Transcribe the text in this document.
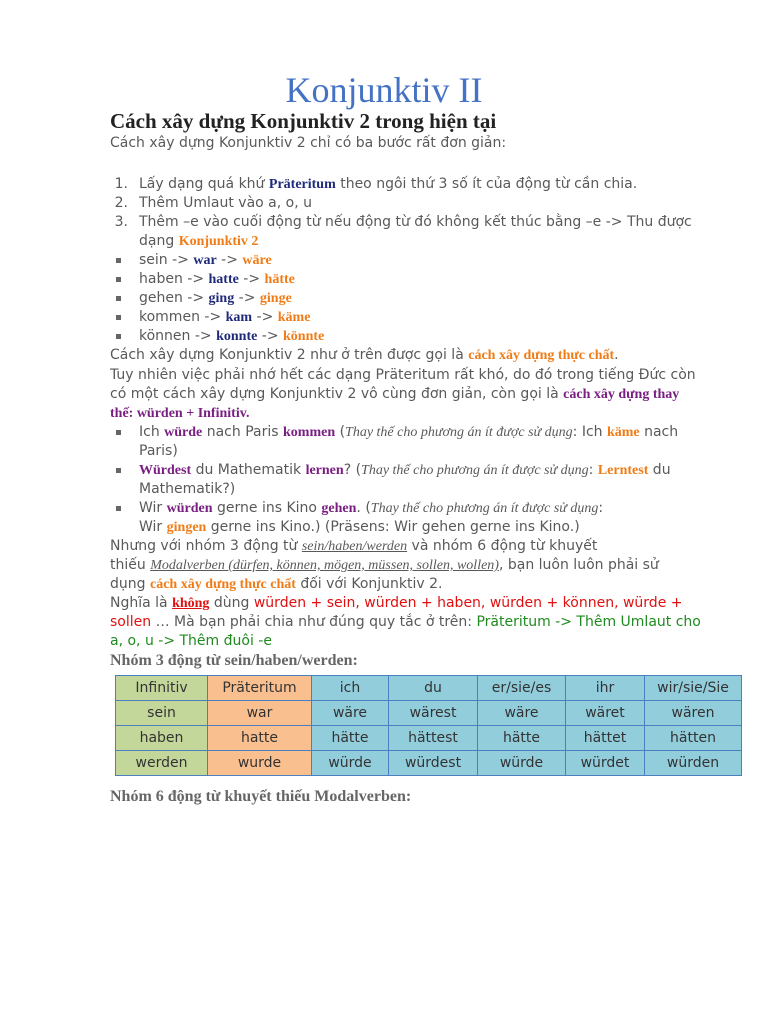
Konjunktiv II
Cách xây dựng Konjunktiv 2 trong hiện tại
Cách xây dựng Konjunktiv 2 chỉ có ba bước rất đơn giản:
1. Lấy dạng quá khứ Präteritum theo ngôi thứ 3 số ít của động từ cần chia.
2. Thêm Umlaut vào a, o, u
3. Thêm –e vào cuối động từ nếu động từ đó không kết thúc bằng –e -> Thu được
dạng Konjunktiv 2
sein -> war -> wäre
haben -> hatte -> hätte
gehen -> ging -> ginge
kommen -> kam -> käme
können -> konnte -> könnte
Cách xây dựng Konjunktiv 2 như ở trên được gọi là cách xây dựng thực chất.
Tuy nhiên việc phải nhớ hết các dạng Präteritum rất khó, do đó trong tiếng Đức còn
có một cách xây dựng Konjunktiv 2 vô cùng đơn giản, còn gọi là cách xây dựng thay
thế: würden + Infinitiv.
Ich würde nach Paris kommen (Thay thế cho phương án ít được sử dụng: Ich käme nach
Paris)
Würdest du Mathematik lernen? (Thay thế cho phương án ít được sử dụng: Lerntest du
Mathematik?)
Wir würden gerne ins Kino gehen. (Thay thế cho phương án ít được sử dụng:
Wir gingen gerne ins Kino.) (Präsens: Wir gehen gerne ins Kino.)
Nhưng với nhóm 3 động từ sein/haben/werden và nhóm 6 động từ khuyết
thiếu Modalverben (dürfen, können, mögen, müssen, sollen, wollen), bạn luôn luôn phải sử
dụng cách xây dựng thực chất đối với Konjunktiv 2.
Nghĩa là không dùng würden + sein, würden + haben, würden + können, würde +
sollen … Mà bạn phải chia như đúng quy tắc ở trên: Präteritum -> Thêm Umlaut cho
a, o, u -> Thêm đuôi -e
Nhóm 3 động từ sein/haben/werden:
Infinitiv	Präteritum	ich	du	er/sie/es	ihr	wir/sie/Sie
sein	war	wäre	wärest	wäre	wäret	wären
haben	hatte	hätte	hättest	hätte	hättet	hätten
werden	wurde	würde	würdest	würde	würdet	würden
Nhóm 6 động từ khuyết thiếu Modalverben:
